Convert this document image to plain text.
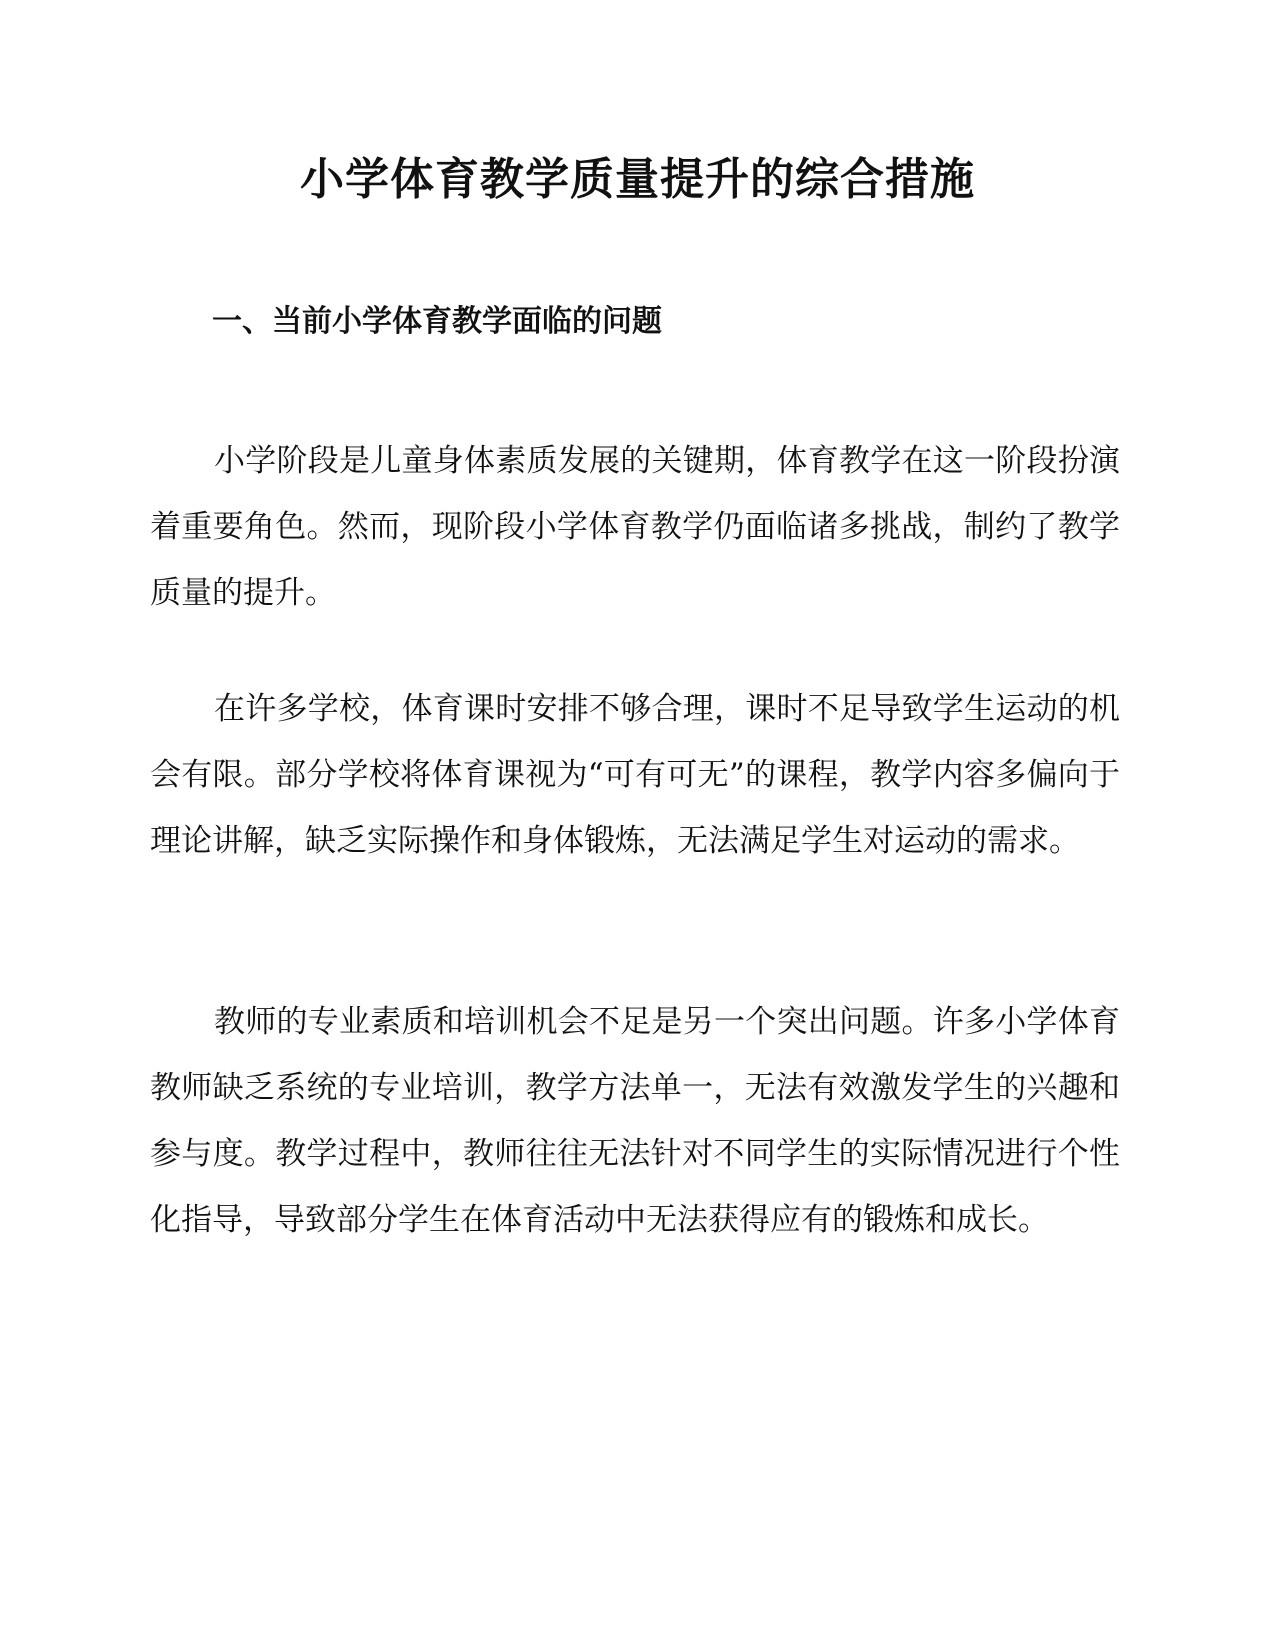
小学体育教学质量提升的综合措施
一、当前小学体育教学面临的问题

小学阶段是儿童身体素质发展的关键期，体育教学在这一阶段扮演着重要角色。然而，现阶段小学体育教学仍面临诸多挑战，制约了教学质量的提升。

在许多学校，体育课时安排不够合理，课时不足导致学生运动的机会有限。部分学校将体育课视为“可有可无”的课程，教学内容多偏向于理论讲解，缺乏实际操作和身体锻炼，无法满足学生对运动的需求。

教师的专业素质和培训机会不足是另一个突出问题。许多小学体育教师缺乏系统的专业培训，教学方法单一，无法有效激发学生的兴趣和参与度。教学过程中，教师往往无法针对不同学生的实际情况进行个性化指导，导致部分学生在体育活动中无法获得应有的锻炼和成长。
